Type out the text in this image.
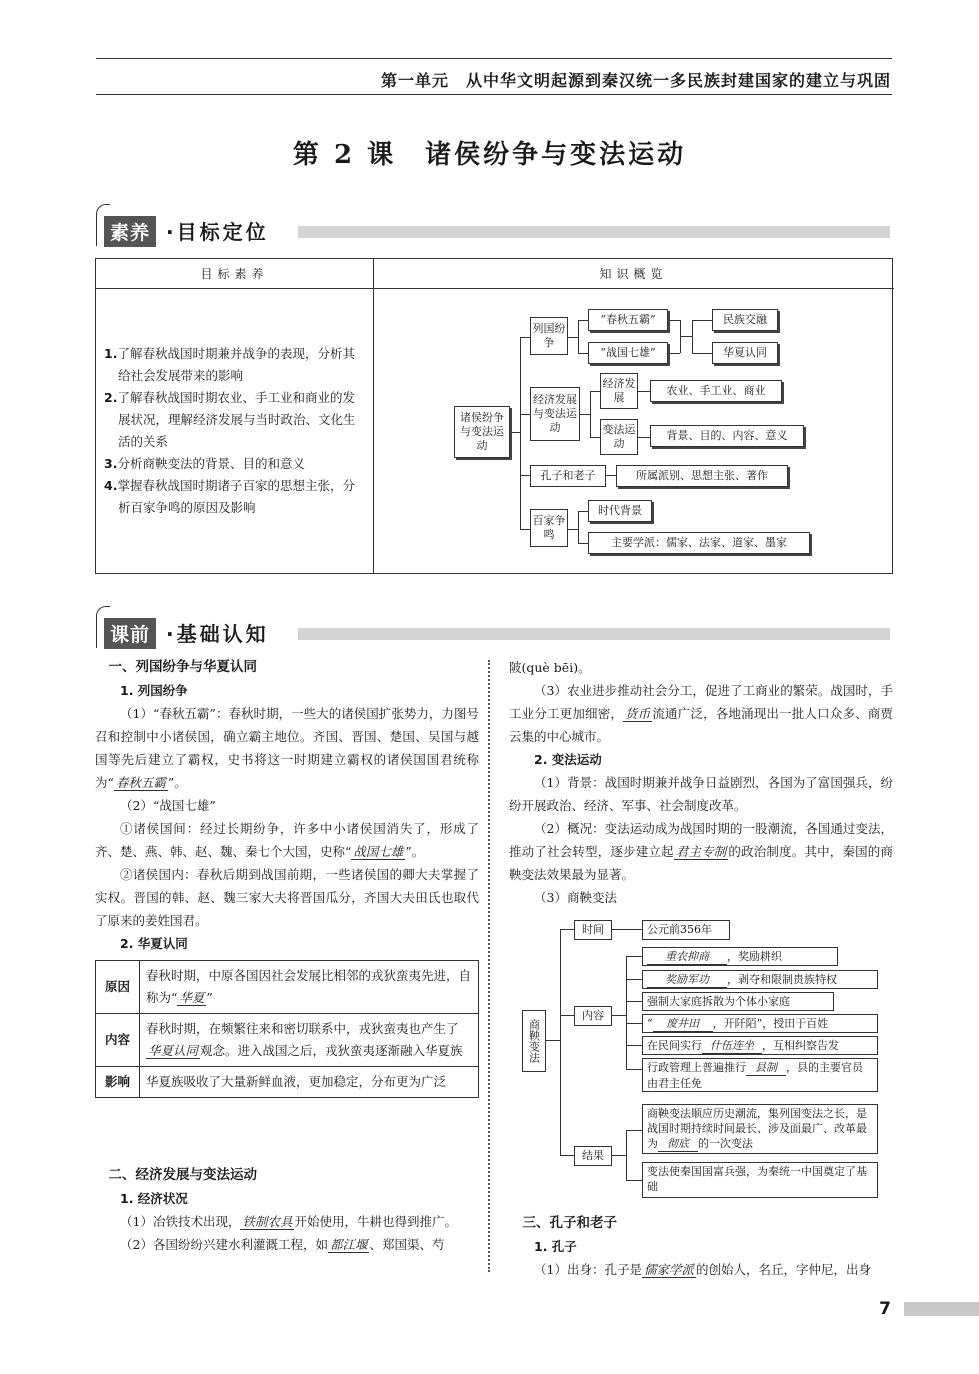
第一单元　从中华文明起源到秦汉统一多民族封建国家的建立与巩固
第 2 课　诸侯纷争与变法运动
素养 ·目标定位
目标素养	知识概览
1.了解春秋战国时期兼并战争的表现，分析其给社会发展带来的影响
2.了解春秋战国时期农业、手工业和商业的发展状况，理解经济发展与当时政治、文化生活的关系
3.分析商鞅变法的背景、目的和意义
4.掌握春秋战国时期诸子百家的思想主张，分析百家争鸣的原因及影响
诸侯纷争与变法运动
列国纷争
“春秋五霸”
“战国七雄”
民族交融
华夏认同
经济发展与变法运动
经济发展
变法运动
农业、手工业、商业
背景、目的、内容、意义
孔子和老子	所属派别、思想主张、著作
百家争鸣
时代背景
主要学派：儒家、法家、道家、墨家
课前 ·基础认知
一、列国纷争与华夏认同
1. 列国纷争

（1）“春秋五霸”：春秋时期，一些大的诸侯国扩张势力，力图号召和控制中小诸侯国，确立霸主地位。齐国、晋国、楚国、吴国与越国等先后建立了霸权，史书将这一时期建立霸权的诸侯国国君统称为“ 春秋五霸 ”。

（2）“战国七雄”

①诸侯国间：经过长期纷争，许多中小诸侯国消失了，形成了齐、楚、燕、韩、赵、魏、秦七个大国，史称“ 战国七雄 ”。

②诸侯国内：春秋后期到战国前期，一些诸侯国的卿大夫掌握了实权。晋国的韩、赵、魏三家大夫将晋国瓜分，齐国大夫田氏也取代了原来的姜姓国君。

2. 华夏认同
原因	春秋时期，中原各国因社会发展比相邻的戎狄蛮夷先进，自称为“ 华夏 ”
内容	春秋时期，在频繁往来和密切联系中，戎狄蛮夷也产生了华夏认同 观念。进入战国之后，戎狄蛮夷逐渐融入华夏族
影响	华夏族吸收了大量新鲜血液，更加稳定，分布更为广泛
二、经济发展与变法运动
1. 经济状况

（1）冶铁技术出现， 铁制农具 开始使用，牛耕也得到推广。

（2）各国纷纷兴建水利灌溉工程，如 都江堰 、郑国渠、芍

陂(què bēi)。

（3）农业进步推动社会分工，促进了工商业的繁荣。战国时，手工业分工更加细密， 货币 流通广泛，各地涌现出一批人口众多、商贾云集的中心城市。

2. 变法运动

（1）背景：战国时期兼并战争日益剧烈，各国为了富国强兵，纷纷开展政治、经济、军事、社会制度改革。

（2）概况：变法运动成为战国时期的一股潮流，各国通过变法，推动了社会转型，逐步建立起 君主专制 的政治制度。其中，秦国的商鞅变法效果最为显著。

（3）商鞅变法

商鞅变法
时间	公元前356年
内容
重农抑商 ，奖励耕织
奖励军功 ，剥夺和限制贵族特权
强制大家庭拆散为个体小家庭
“ 废井田 ，开阡陌”，授田于百姓
在民间实行 什伍连坐 ，互相纠察告发
行政管理上普遍推行 县制 ，县的主要官员由君主任免
结果
商鞅变法顺应历史潮流，集列国变法之长，是战国时期持续时间最长、涉及面最广、改革最为 彻底 的一次变法
变法使秦国国富兵强，为秦统一中国奠定了基础
三、孔子和老子
1. 孔子

（1）出身：孔子是 儒家学派 的创始人，名丘，字仲尼，出身

7
